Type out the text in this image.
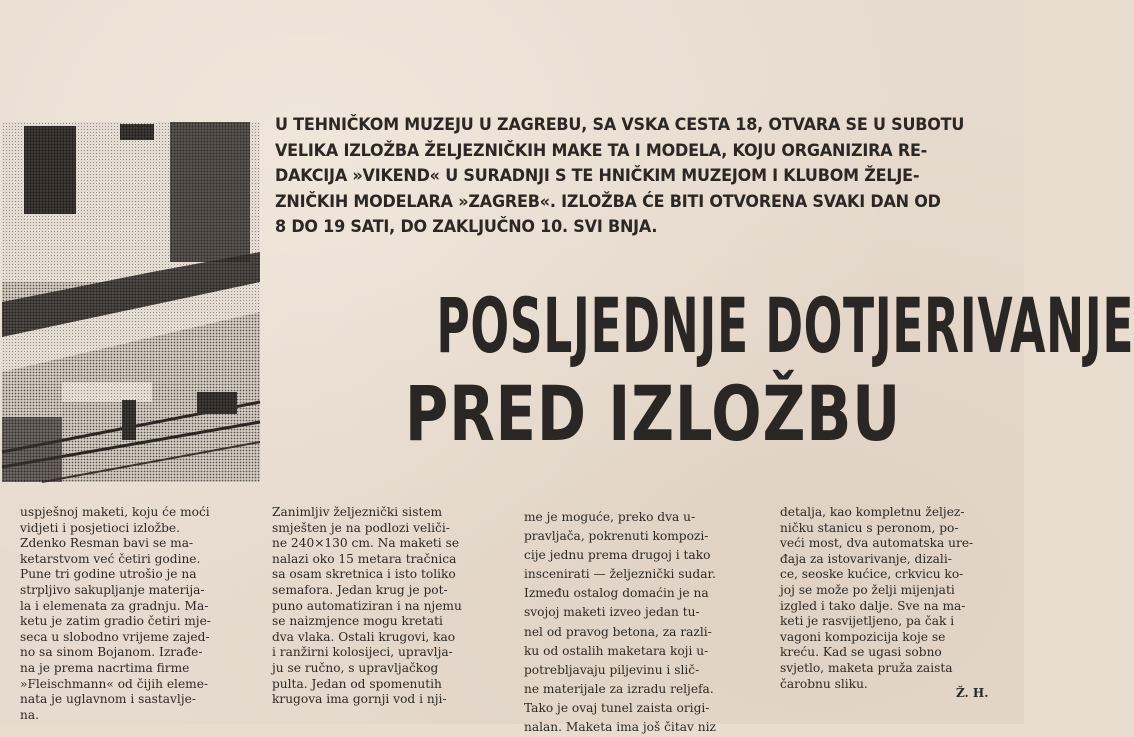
U TEHNIČKOM MUZEJU U ZAGREBU, SA VSKA CESTA 18, OTVARA SE U SUBOTU
VELIKA IZLOŽBA ŽELJEZNIČKIH MAKE TA I MODELA, KOJU ORGANIZIRA RE-
DAKCIJA »VIKEND« U SURADNJI S TE HNIČKIM MUZEJOM I KLUBOM ŽELJE-
ZNIČKIH MODELARA »ZAGREB«. IZLOŽBA ĆE BITI OTVORENA SVAKI DAN OD
8 DO 19 SATI, DO ZAKLJUČNO 10. SVI BNJA.
POSLJEDNJE DOTJERIVANJE
PRED IZLOŽBU
uspješnoj maketi, koju će moći
vidjeti i posjetioci izložbe.
Zdenko Resman bavi se ma-
ketarstvom već četiri godine.
Pune tri godine utrošio je na
strpljivo sakupljanje materija-
la i elemenata za gradnju. Ma-
ketu je zatim gradio četiri mje-
seca u slobodno vrijeme zajed-
no sa sinom Bojanom. Izrađe-
na je prema nacrtima firme
»Fleischmann« od čijih eleme-
nata je uglavnom i sastavlje-
na.
Zanimljiv željeznički sistem
smješten je na podlozi veliči-
ne 240×130 cm. Na maketi se
nalazi oko 15 metara tračnica
sa osam skretnica i isto toliko
semafora. Jedan krug je pot-
puno automatiziran i na njemu
se naizmjence mogu kretati
dva vlaka. Ostali krugovi, kao
i ranžirni kolosijeci, upravlja-
ju se ručno, s upravljačkog
pulta. Jedan od spomenutih
krugova ima gornji vod i nji-
me je moguće, preko dva u-
pravljača, pokrenuti kompozi-
cije jednu prema drugoj i tako
inscenirati — željeznički sudar.
Između ostalog domaćin je na
svojoj maketi izveo jedan tu-
nel od pravog betona, za razli-
ku od ostalih maketara koji u-
potrebljavaju piljevinu i slič-
ne materijale za izradu reljefa.
Tako je ovaj tunel zaista origi-
nalan. Maketa ima još čitav niz
detalja, kao kompletnu željez-
ničku stanicu s peronom, po-
veći most, dva automatska ure-
đaja za istovarivanje, dizali-
ce, seoske kućice, crkvicu ko-
joj se može po želji mijenjati
izgled i tako dalje. Sve na ma-
keti je rasvijetljeno, pa čak i
vagoni kompozicija koje se
kreću. Kad se ugasi sobno
svjetlo, maketa pruža zaista
čarobnu sliku.
Ž. H.
